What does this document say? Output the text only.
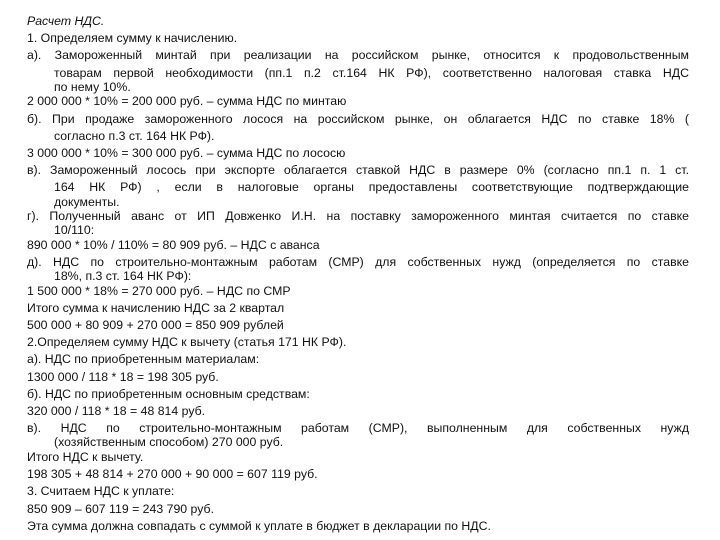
Расчет НДС.
1. Определяем сумму к начислению.
а). Замороженный минтай при реализации на российском рынке, относится к продовольственным
товарам первой необходимости (пп.1 п.2 ст.164 НК РФ), соответственно налоговая ставка НДС
по нему 10%.
2 000 000 * 10% = 200 000 руб. – сумма НДС по минтаю
б). При продаже замороженного лосося на российском рынке, он облагается НДС по ставке 18% (
согласно п.3 ст. 164 НК РФ).
3 000 000 * 10% = 300 000 руб. – сумма НДС по лососю
в). Замороженный лосось при экспорте облагается ставкой НДС в размере 0% (согласно пп.1 п. 1 ст.
164 НК РФ) , если в налоговые органы предоставлены соответствующие подтверждающие
документы.
г). Полученный аванс от ИП Довженко И.Н. на поставку замороженного минтая считается по ставке
10/110:
890 000 * 10% / 110% = 80 909 руб. – НДС с аванса
д). НДС по строительно-монтажным работам (СМР) для собственных нужд (определяется по ставке
18%, п.3 ст. 164 НК РФ):
1 500 000 * 18% = 270 000 руб. – НДС по СМР
Итого сумма к начислению НДС за 2 квартал
500 000 + 80 909 + 270 000 = 850 909 рублей
2.Определяем сумму НДС к вычету (статья 171 НК РФ).
а). НДС по приобретенным материалам:
1300 000 / 118 * 18 = 198 305 руб.
б). НДС по приобретенным основным средствам:
320 000 / 118 * 18 = 48 814 руб.
в). НДС по строительно-монтажным работам (СМР), выполненным для собственных нужд
(хозяйственным способом) 270 000 руб.
Итого НДС к вычету.
198 305 + 48 814 + 270 000 + 90 000 = 607 119 руб.
3. Считаем НДС к уплате:
850 909 – 607 119 = 243 790 руб.
Эта сумма должна совпадать с суммой к уплате в бюджет в декларации по НДС.
